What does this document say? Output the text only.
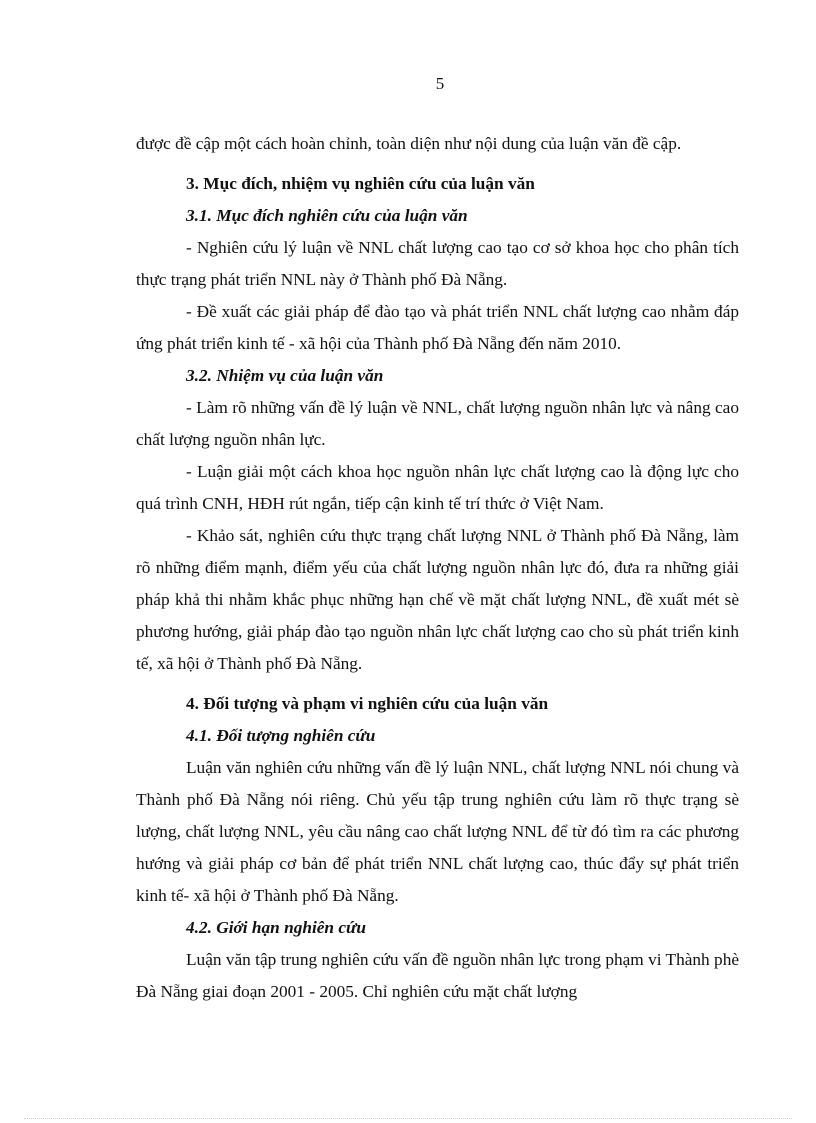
5

được đề cập một cách hoàn chỉnh, toàn diện như nội dung của luận văn đề cập.

3. Mục đích, nhiệm vụ nghiên cứu của luận văn

3.1. Mục đích nghiên cứu của luận văn

- Nghiên cứu lý luận về NNL chất lượng cao tạo cơ sở khoa học cho phân tích thực trạng phát triển NNL này ở Thành phố Đà Nẵng.

- Đề xuất các giải pháp để đào tạo và phát triển NNL chất lượng cao nhằm đáp ứng phát triển kinh tế - xã hội của Thành phố Đà Nẵng đến năm 2010.

3.2. Nhiệm vụ của luận văn

- Làm rõ những vấn đề lý luận về NNL, chất lượng nguồn nhân lực và nâng cao chất lượng nguồn nhân lực.

- Luận giải một cách khoa học nguồn nhân lực chất lượng cao là động lực cho quá trình CNH, HĐH rút ngắn, tiếp cận kinh tế trí thức ở Việt Nam.

- Khảo sát, nghiên cứu thực trạng chất lượng NNL ở Thành phố Đà Nẵng, làm rõ những điểm mạnh, điểm yếu của chất lượng nguồn nhân lực đó, đưa ra những giải pháp khả thi nhằm khắc phục những hạn chế về mặt chất lượng NNL, đề xuất mét sè phương hướng, giải pháp đào tạo nguồn nhân lực chất lượng cao cho sù phát triển kinh tế, xã hội ở Thành phố Đà Nẵng.

4. Đối tượng và phạm vi nghiên cứu của luận văn

4.1. Đối tượng nghiên cứu

Luận văn nghiên cứu những vấn đề lý luận NNL, chất lượng NNL nói chung và Thành phố Đà Nẵng nói riêng. Chủ yếu tập trung nghiên cứu làm rõ thực trạng sè lượng, chất lượng NNL, yêu cầu nâng cao chất lượng NNL để từ đó tìm ra các phương hướng và giải pháp cơ bản để phát triển NNL chất lượng cao, thúc đẩy sự phát triển kinh tế- xã hội ở Thành phố Đà Nẵng.

4.2. Giới hạn nghiên cứu

Luận văn tập trung nghiên cứu vấn đề nguồn nhân lực trong phạm vi Thành phè Đà Nẵng giai đoạn 2001 - 2005. Chỉ nghiên cứu mặt chất lượng
